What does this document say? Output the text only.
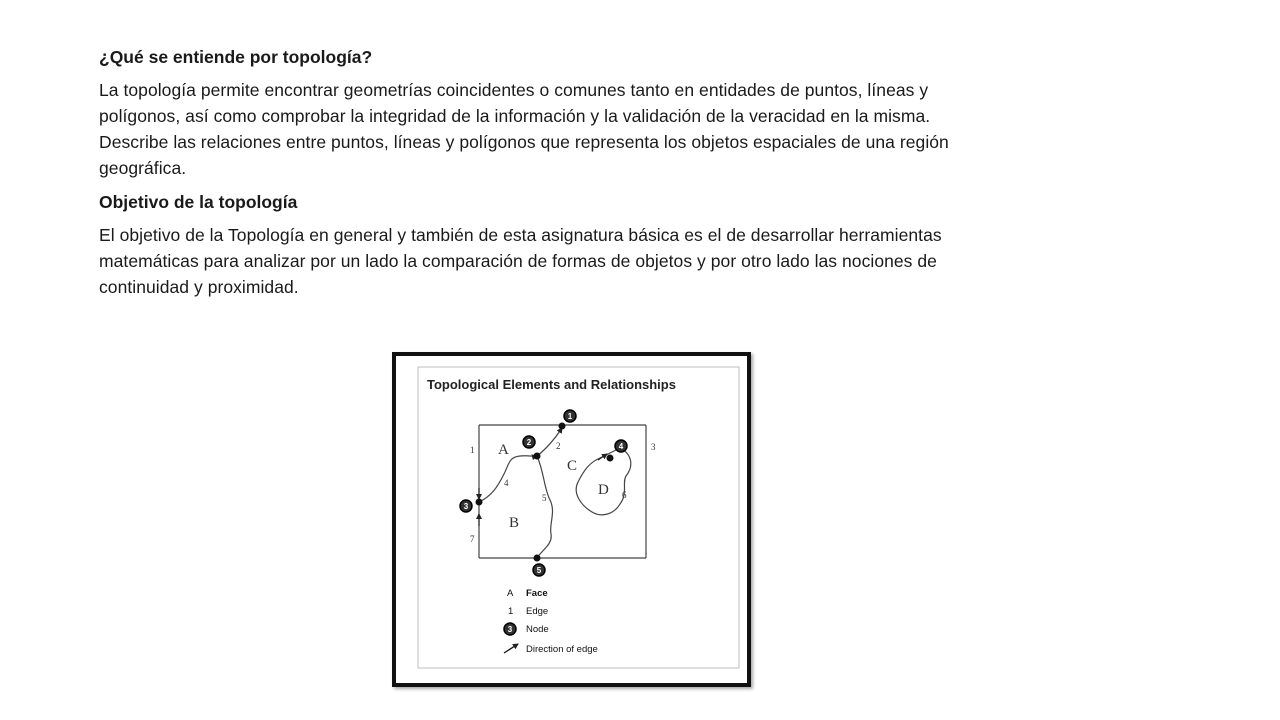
¿Qué se entiende por topología?

La topología permite encontrar geometrías coincidentes o comunes tanto en entidades de puntos, líneas y
polígonos, así como comprobar la integridad de la información y la validación de la veracidad en la misma.
Describe las relaciones entre puntos, líneas y polígonos que representa los objetos espaciales de una región
geográfica.

Objetivo de la topología

El objetivo de la Topología en general y también de esta asignatura básica es el de desarrollar herramientas
matemáticas para analizar por un lado la comparación de formas de objetos y por otro lado las nociones de
continuidad y proximidad.

Topological Elements and Relationships
A
B
C
D
1	2	3
4
5	6
7
1
2
3
4
5
A Face
1 Edge
3 Node
Direction of edge
